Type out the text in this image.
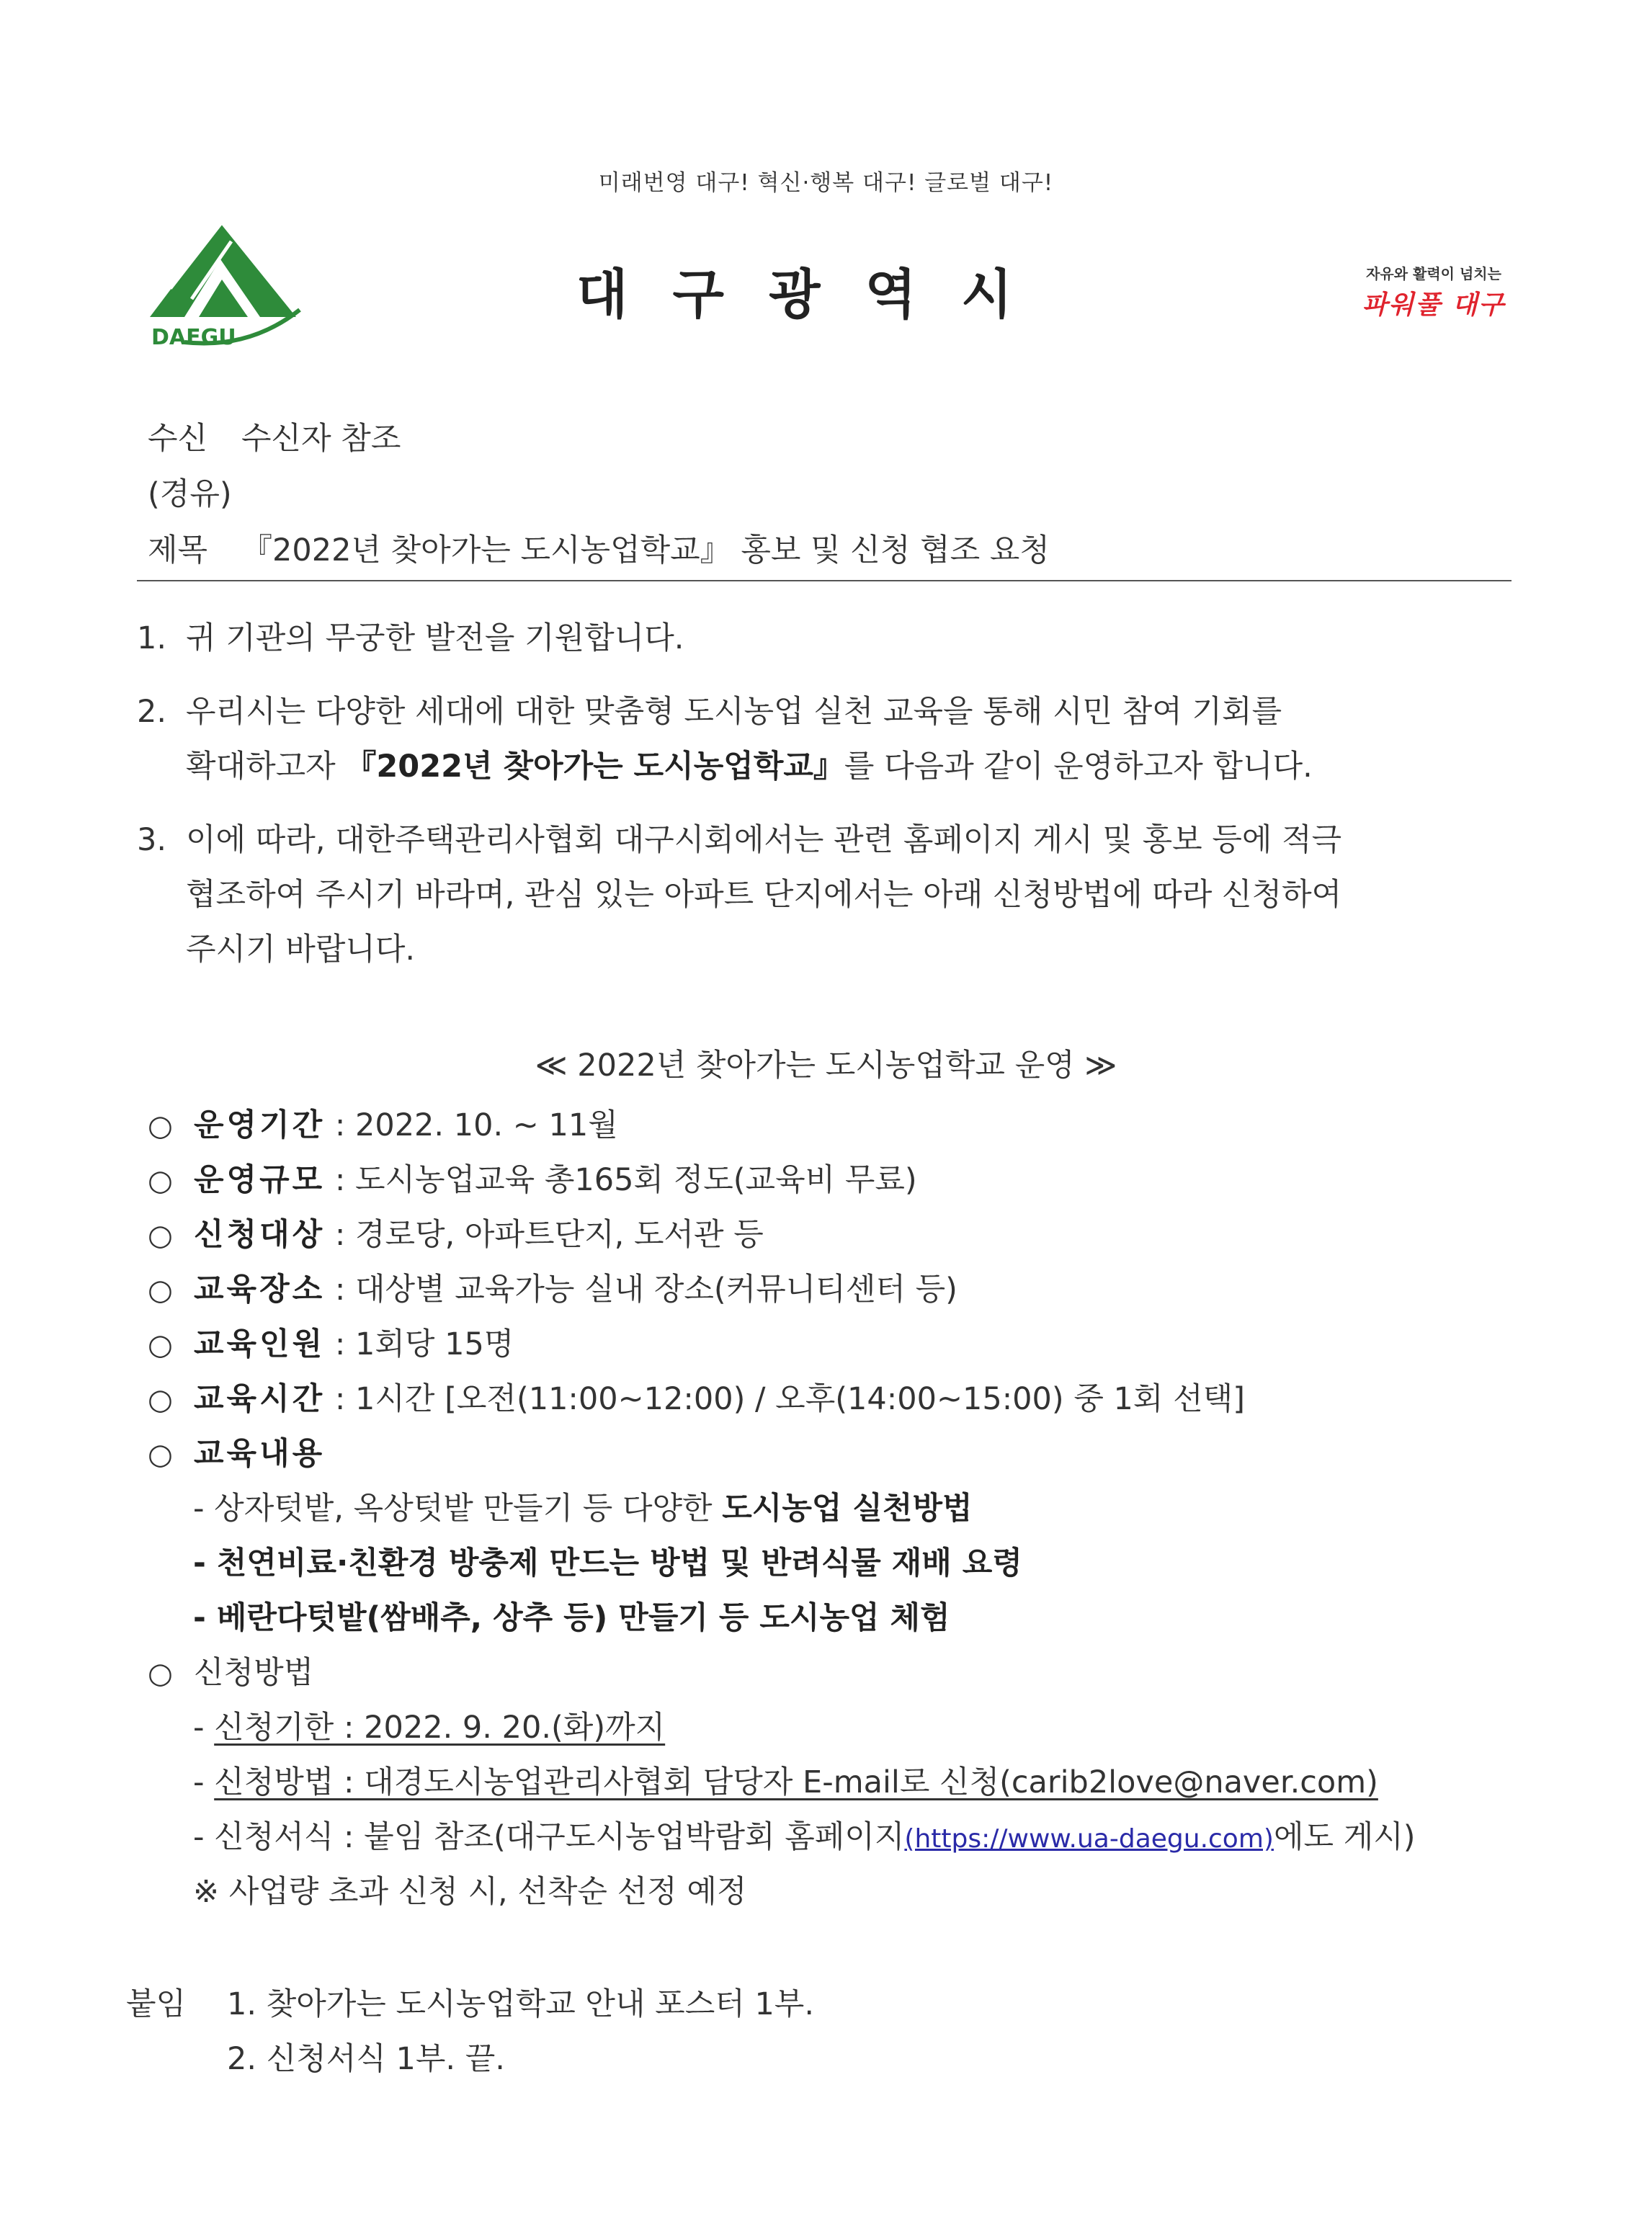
미래번영 대구! 혁신·행복 대구! 글로벌 대구!
DAEGU
대구광역시	자유와 활력이 넘치는
파워풀 대구
수신 수신자 참조
(경유)
제목 『2022년 찾아가는 도시농업학교』 홍보 및 신청 협조 요청
1. 귀 기관의 무궁한 발전을 기원합니다.
2. 우리시는 다양한 세대에 대한 맞춤형 도시농업 실천 교육을 통해 시민 참여 기회를
확대하고자 『2022년 찾아가는 도시농업학교』를 다음과 같이 운영하고자 합니다.
3. 이에 따라, 대한주택관리사협회 대구시회에서는 관련 홈페이지 게시 및 홍보 등에 적극
협조하여 주시기 바라며, 관심 있는 아파트 단지에서는 아래 신청방법에 따라 신청하여
주시기 바랍니다.
≪ 2022년 찾아가는 도시농업학교 운영 ≫
○ 운영기간 : 2022. 10. ~ 11월
○ 운영규모 : 도시농업교육 총165회 정도(교육비 무료)
○ 신청대상 : 경로당, 아파트단지, 도서관 등
○ 교육장소 : 대상별 교육가능 실내 장소(커뮤니티센터 등)
○ 교육인원 : 1회당 15명
○ 교육시간 : 1시간 [오전(11:00~12:00) / 오후(14:00~15:00) 중 1회 선택]
○ 교육내용
- 상자텃밭, 옥상텃밭 만들기 등 다양한 도시농업 실천방법
- 천연비료·친환경 방충제 만드는 방법 및 반려식물 재배 요령
- 베란다텃밭(쌈배추, 상추 등) 만들기 등 도시농업 체험
○ 신청방법
- 신청기한 : 2022. 9. 20.(화)까지
- 신청방법 : 대경도시농업관리사협회 담당자 E-mail로 신청(carib2love@naver.com)
- 신청서식 : 붙임 참조(대구도시농업박람회 홈페이지(https://www.ua-daegu.com)에도 게시)
※ 사업량 초과 신청 시, 선착순 선정 예정
붙임 1. 찾아가는 도시농업학교 안내 포스터 1부.
2. 신청서식 1부. 끝.
